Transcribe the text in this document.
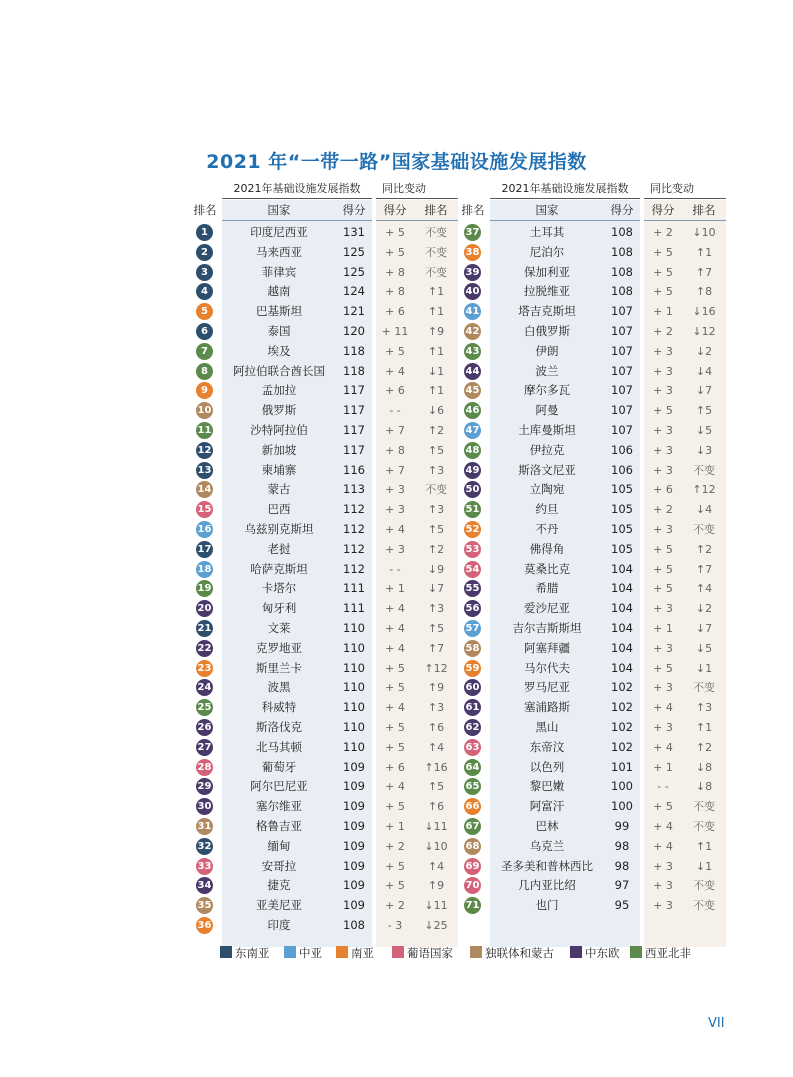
2021 年“一带一路”国家基础设施发展指数
2021年基础设施发展指数	同比变动
排名	国家	得分	得分	排名
1	印度尼西亚	131	+ 5	不变
2	马来西亚	125	+ 5	不变
3	菲律宾	125	+ 8	不变
4	越南	124	+ 8	↑1
5	巴基斯坦	121	+ 6	↑1
6	泰国	120	+ 11	↑9
7	埃及	118	+ 5	↑1
8	阿拉伯联合酋长国	118	+ 4	↓1
9	孟加拉	117	+ 6	↑1
10	俄罗斯	117	- -	↓6
11	沙特阿拉伯	117	+ 7	↑2
12	新加坡	117	+ 8	↑5
13	柬埔寨	116	+ 7	↑3
14	蒙古	113	+ 3	不变
15	巴西	112	+ 3	↑3
16	乌兹别克斯坦	112	+ 4	↑5
17	老挝	112	+ 3	↑2
18	哈萨克斯坦	112	- -	↓9
19	卡塔尔	111	+ 1	↓7
20	匈牙利	111	+ 4	↑3
21	文莱	110	+ 4	↑5
22	克罗地亚	110	+ 4	↑7
23	斯里兰卡	110	+ 5	↑12
24	波黑	110	+ 5	↑9
25	科威特	110	+ 4	↑3
26	斯洛伐克	110	+ 5	↑6
27	北马其顿	110	+ 5	↑4
28	葡萄牙	109	+ 6	↑16
29	阿尔巴尼亚	109	+ 4	↑5
30	塞尔维亚	109	+ 5	↑6
31	格鲁吉亚	109	+ 1	↓11
32	缅甸	109	+ 2	↓10
33	安哥拉	109	+ 5	↑4
34	捷克	109	+ 5	↑9
35	亚美尼亚	109	+ 2	↓11
36	印度	108	- 3	↓25
2021年基础设施发展指数	同比变动
排名	国家	得分	得分	排名
37	土耳其	108	+ 2	↓10
38	尼泊尔	108	+ 5	↑1
39	保加利亚	108	+ 5	↑7
40	拉脱维亚	108	+ 5	↑8
41	塔吉克斯坦	107	+ 1	↓16
42	白俄罗斯	107	+ 2	↓12
43	伊朗	107	+ 3	↓2
44	波兰	107	+ 3	↓4
45	摩尔多瓦	107	+ 3	↓7
46	阿曼	107	+ 5	↑5
47	土库曼斯坦	107	+ 3	↓5
48	伊拉克	106	+ 3	↓3
49	斯洛文尼亚	106	+ 3	不变
50	立陶宛	105	+ 6	↑12
51	约旦	105	+ 2	↓4
52	不丹	105	+ 3	不变
53	佛得角	105	+ 5	↑2
54	莫桑比克	104	+ 5	↑7
55	希腊	104	+ 5	↑4
56	爱沙尼亚	104	+ 3	↓2
57	吉尔吉斯斯坦	104	+ 1	↓7
58	阿塞拜疆	104	+ 3	↓5
59	马尔代夫	104	+ 5	↓1
60	罗马尼亚	102	+ 3	不变
61	塞浦路斯	102	+ 4	↑3
62	黑山	102	+ 3	↑1
63	东帝汶	102	+ 4	↑2
64	以色列	101	+ 1	↓8
65	黎巴嫩	100	- -	↓8
66	阿富汗	100	+ 5	不变
67	巴林	99	+ 4	不变
68	乌克兰	98	+ 4	↑1
69	圣多美和普林西比	98	+ 3	↓1
70	几内亚比绍	97	+ 3	不变
71	也门	95	+ 3	不变
东南亚	中亚	南亚	葡语国家	独联体和蒙古	中东欧	西亚北非
VII
